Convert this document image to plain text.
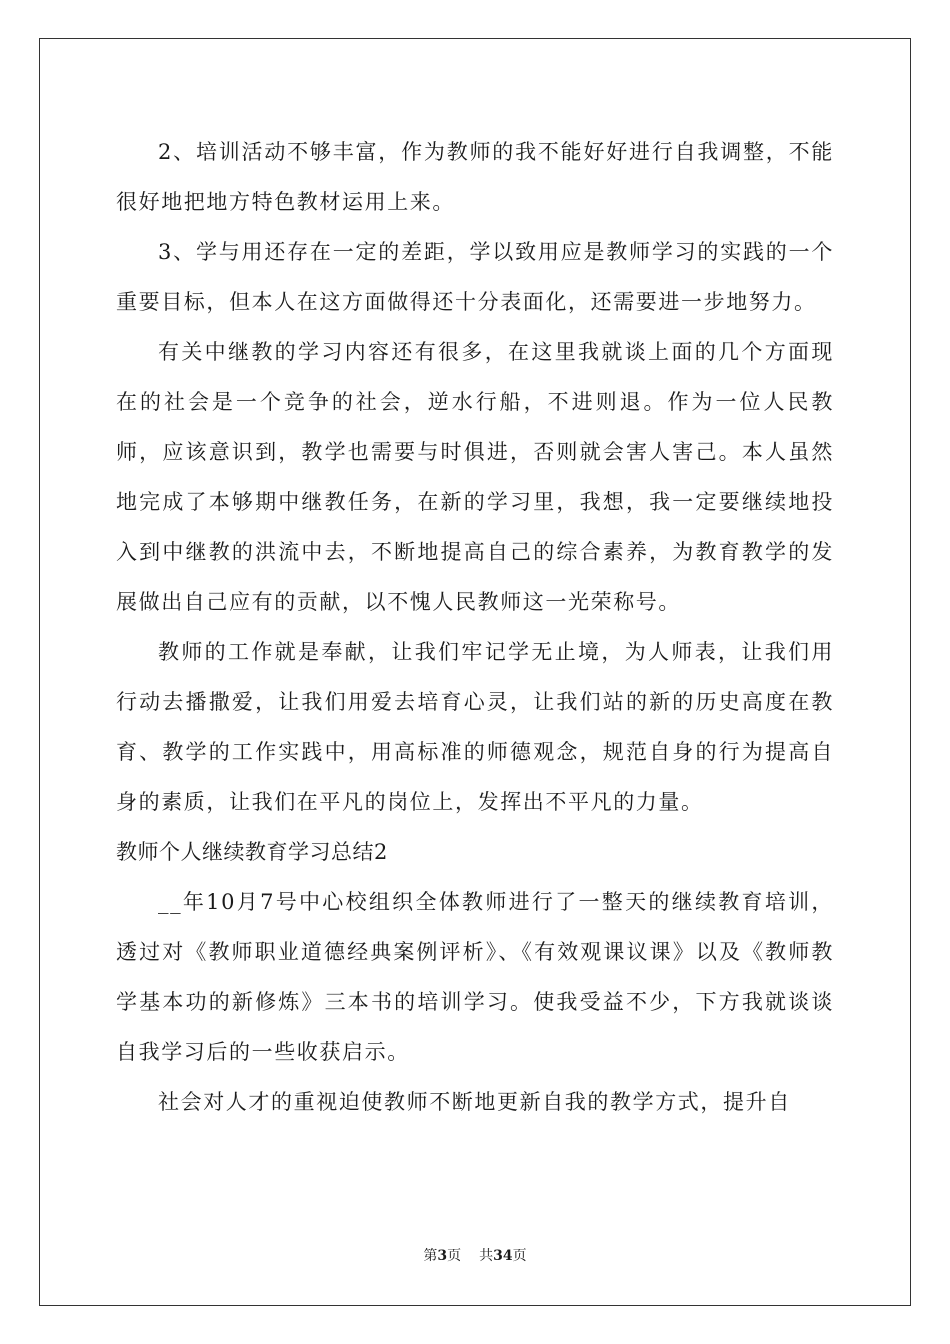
2、培训活动不够丰富，作为教师的我不能好好进行自我调整，不能很好地把地方特色教材运用上来。

3、学与用还存在一定的差距，学以致用应是教师学习的实践的一个重要目标，但本人在这方面做得还十分表面化，还需要进一步地努力。

有关中继教的学习内容还有很多，在这里我就谈上面的几个方面现在的社会是一个竞争的社会，逆水行船，不进则退。作为一位人民教师，应该意识到，教学也需要与时俱进，否则就会害人害己。本人虽然地完成了本够期中继教任务，在新的学习里，我想，我一定要继续地投入到中继教的洪流中去，不断地提高自己的综合素养，为教育教学的发展做出自己应有的贡献，以不愧人民教师这一光荣称号。

教师的工作就是奉献，让我们牢记学无止境，为人师表，让我们用行动去播撒爱，让我们用爱去培育心灵，让我们站的新的历史高度在教育、教学的工作实践中，用高标准的师德观念，规范自身的行为提高自身的素质，让我们在平凡的岗位上，发挥出不平凡的力量。

教师个人继续教育学习总结2

__年10月7号中心校组织全体教师进行了一整天的继续教育培训，透过对《教师职业道德经典案例评析》、《有效观课议课》以及《教师教学基本功的新修炼》三本书的培训学习。使我受益不少，下方我就谈谈自我学习后的一些收获启示。

社会对人才的重视迫使教师不断地更新自我的教学方式，提升自

第3页 共34页
